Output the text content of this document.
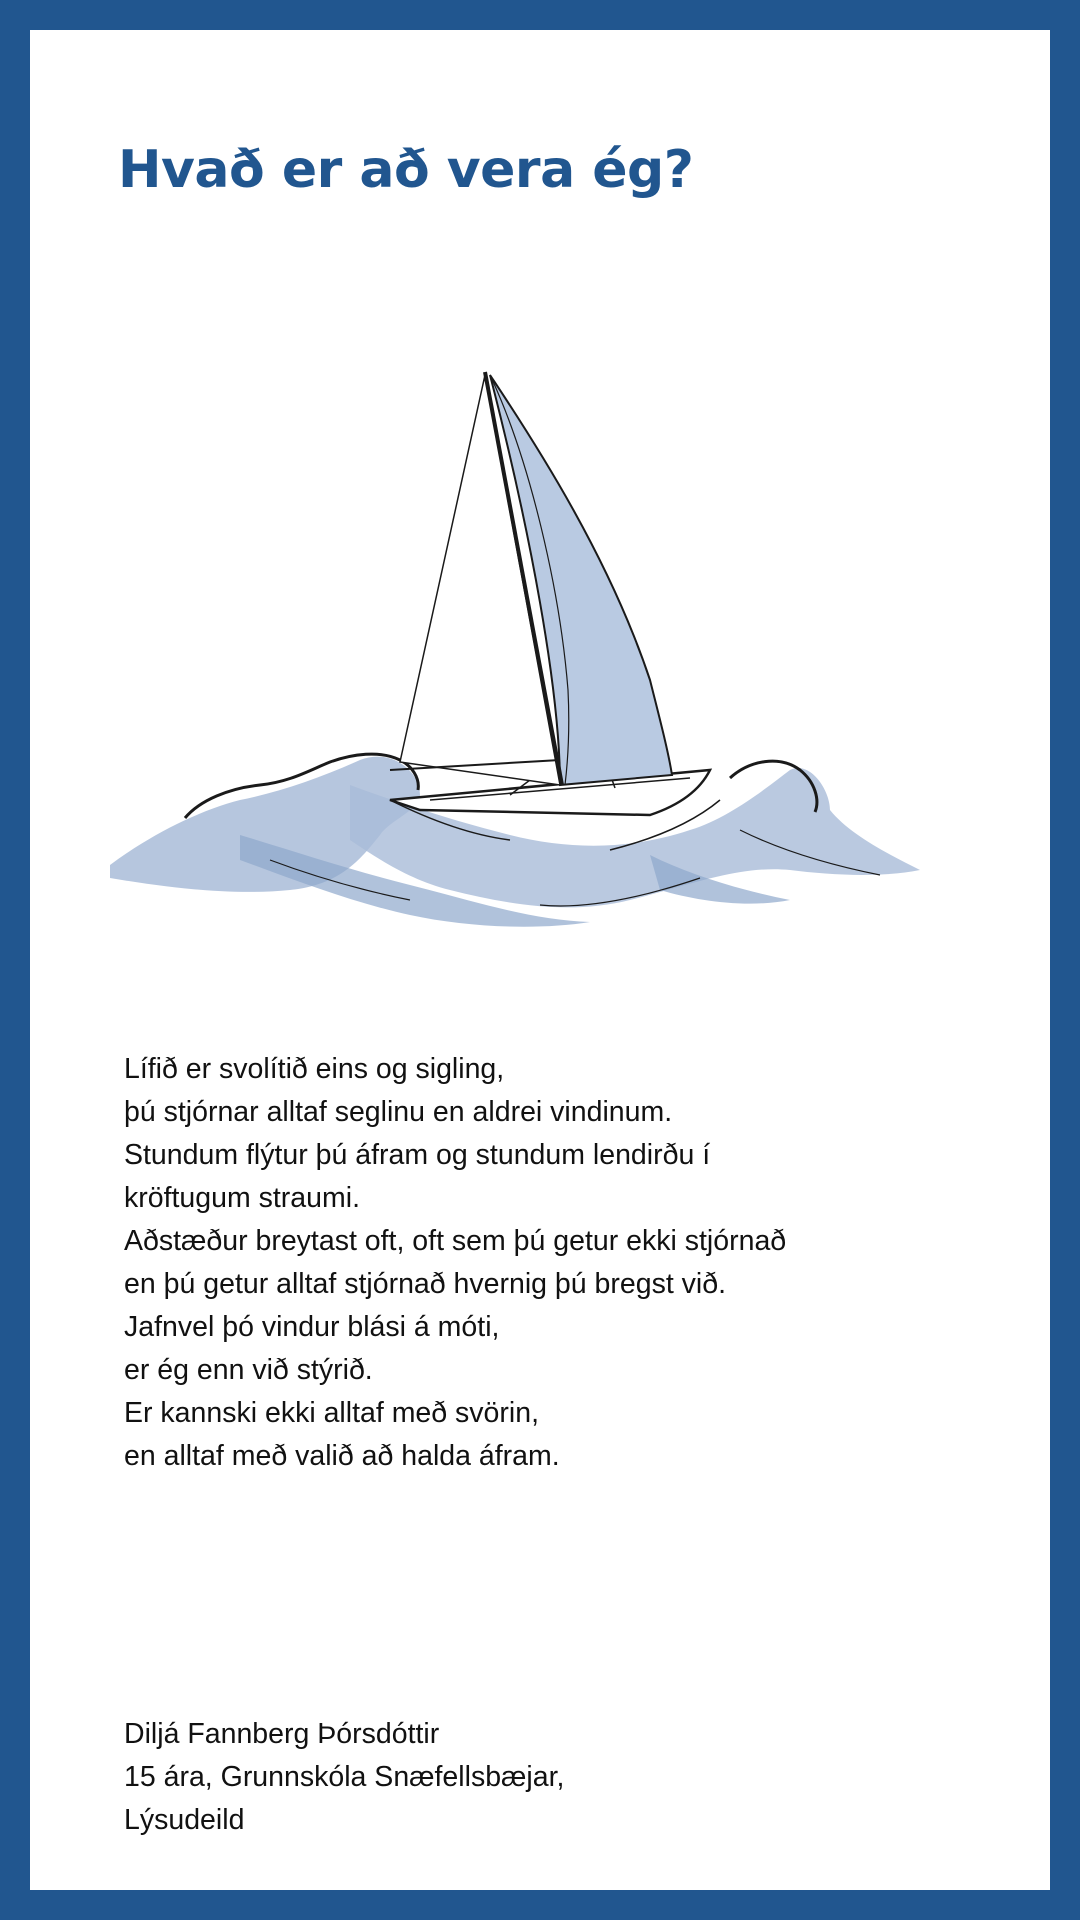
Hvað er að vera ég?
Lífið er svolítið eins og sigling,
þú stjórnar alltaf seglinu en aldrei vindinum.
Stundum flýtur þú áfram og stundum lendirðu í
kröftugum straumi.
Aðstæður breytast oft, oft sem þú getur ekki stjórnað
en þú getur alltaf stjórnað hvernig þú bregst við.
Jafnvel þó vindur blási á móti,
er ég enn við stýrið.
Er kannski ekki alltaf með svörin,
en alltaf með valið að halda áfram.
Diljá Fannberg Þórsdóttir
15 ára, Grunnskóla Snæfellsbæjar,
Lýsudeild
